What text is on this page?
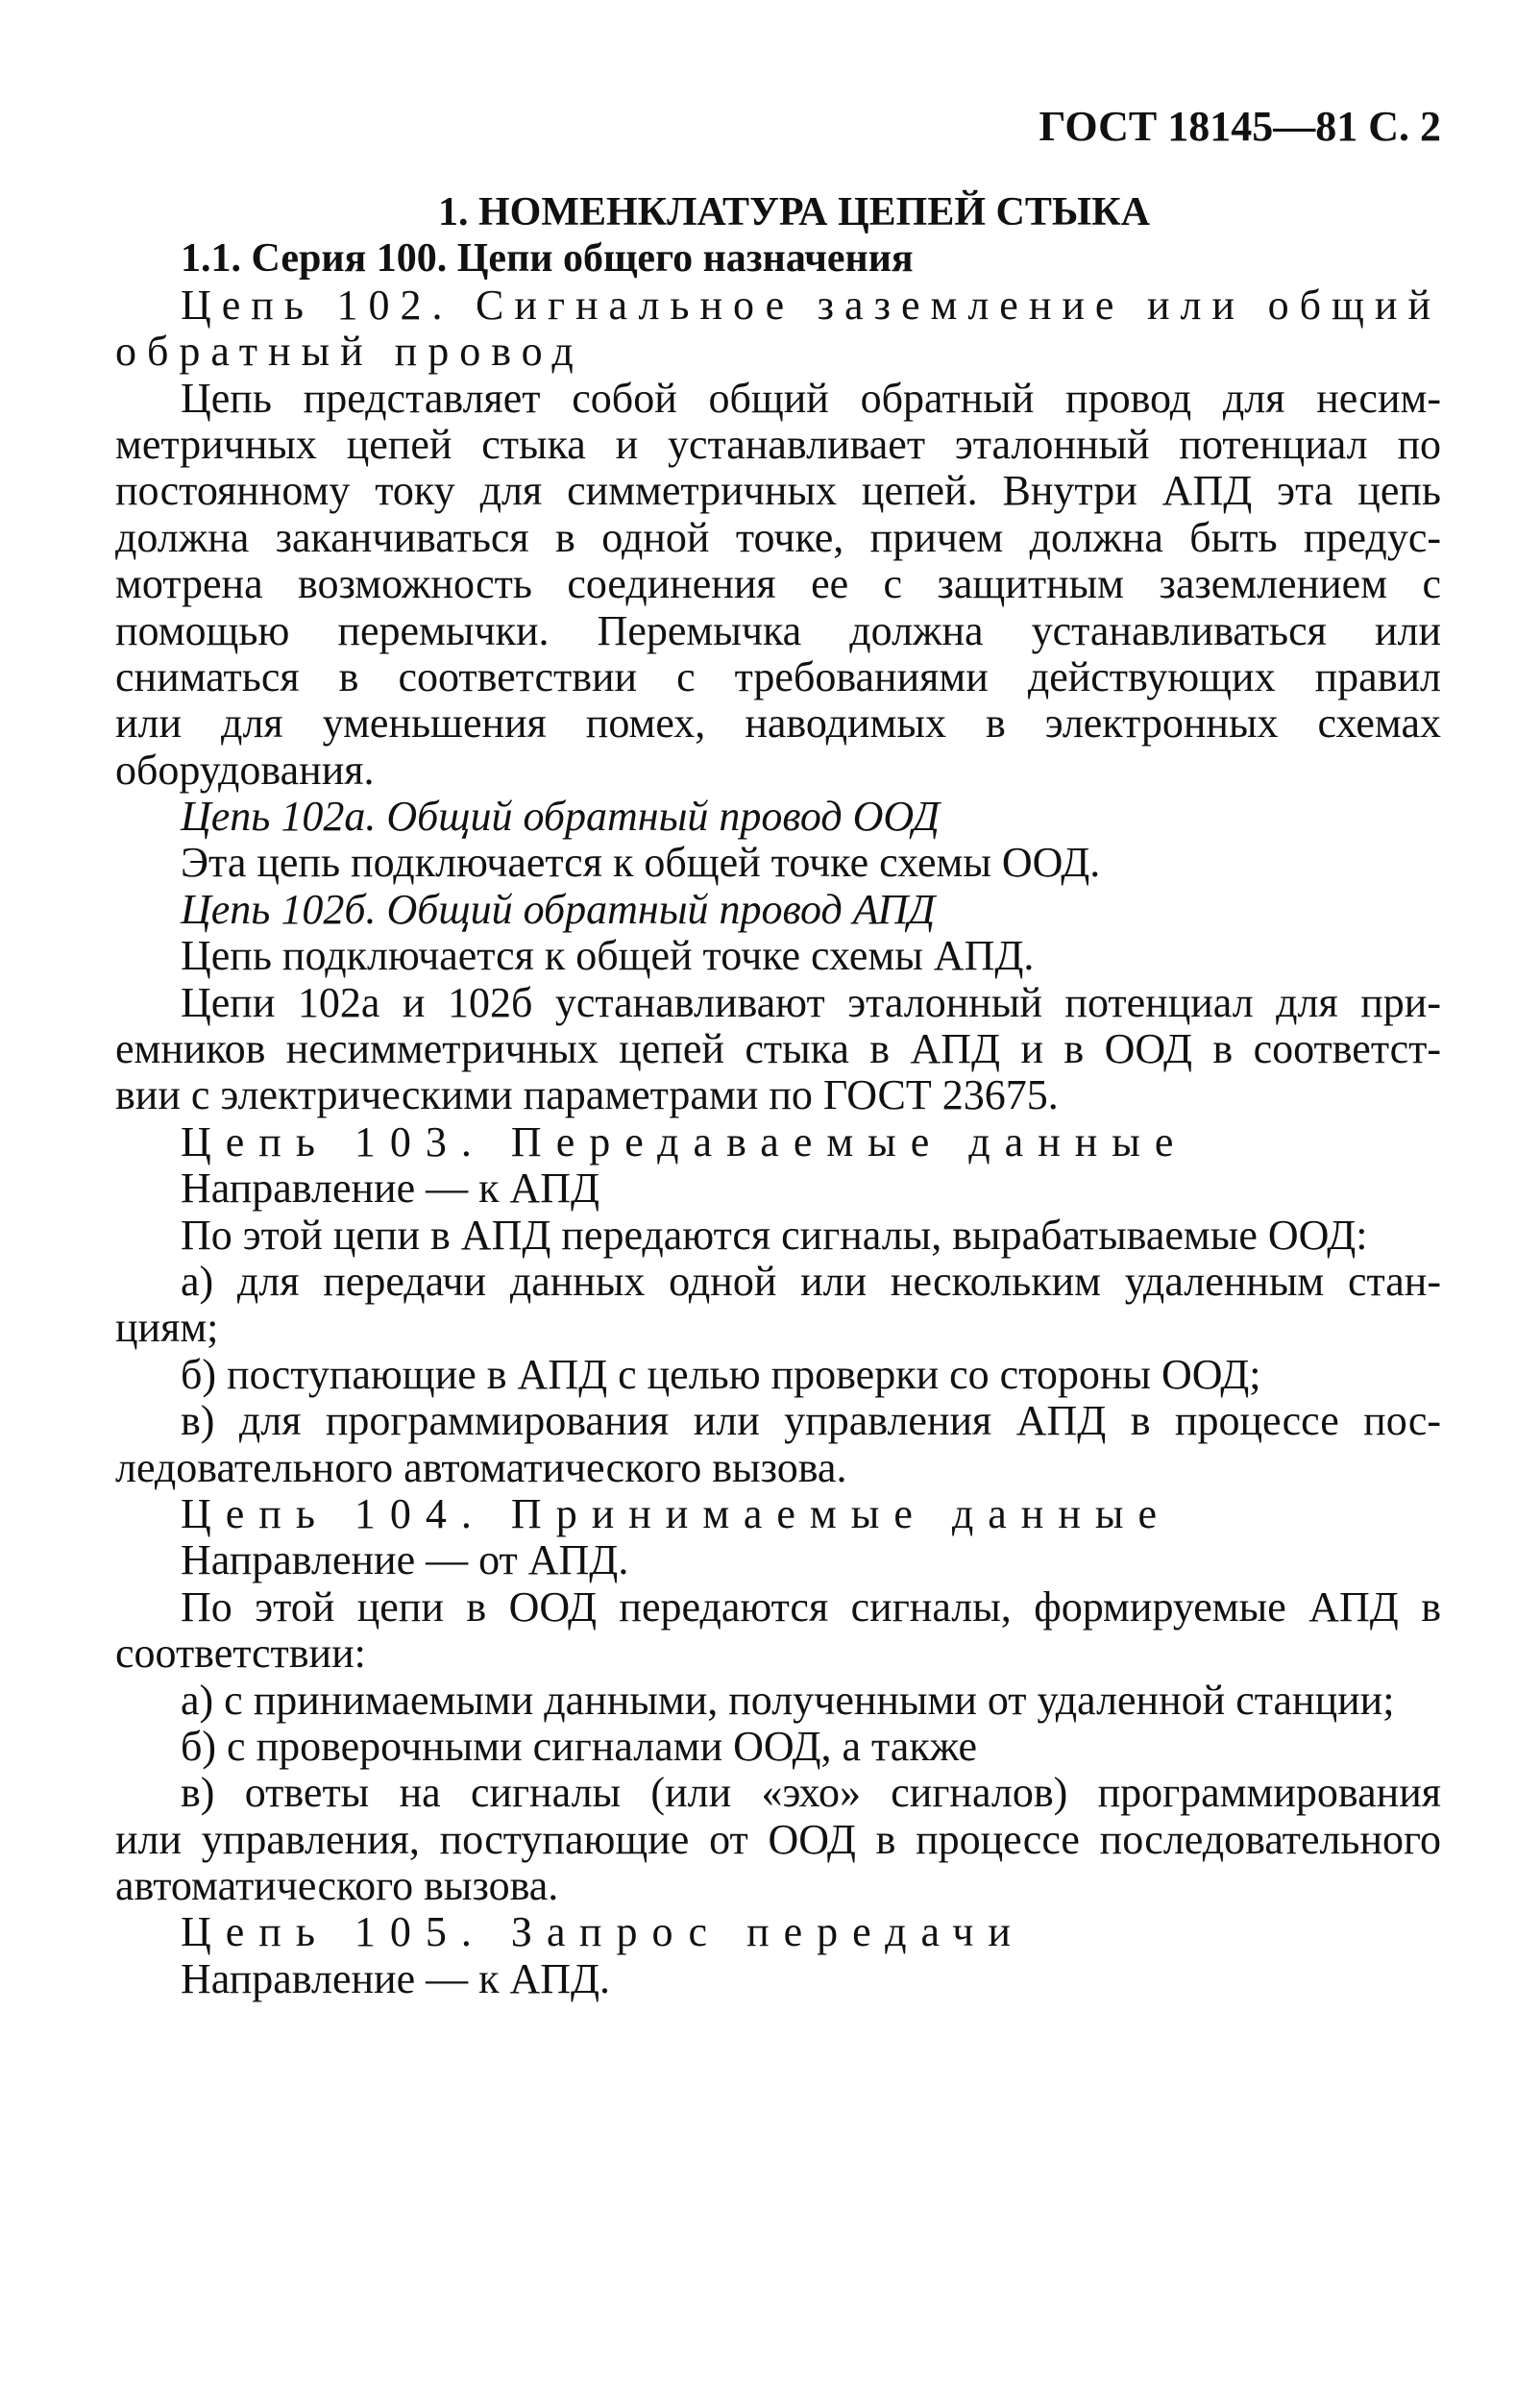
ГОСТ 18145—81 С. 2
1. НОМЕНКЛАТУРА ЦЕПЕЙ СТЫКА
1.1. Серия 100. Цепи общего назначения
Цепь 102. Сигнальное заземление или общий
обратный провод
Цепь представляет собой общий обратный провод для несим-
метричных цепей стыка и устанавливает эталонный потенциал по
постоянному току для симметричных цепей. Внутри АПД эта цепь
должна заканчиваться в одной точке, причем должна быть предус-
мотрена возможность соединения ее с защитным заземлением с
помощью перемычки. Перемычка должна устанавливаться или
сниматься в соответствии с требованиями действующих правил
или для уменьшения помех, наводимых в электронных схемах
оборудования.
Цепь 102а. Общий обратный провод ООД
Эта цепь подключается к общей точке схемы ООД.
Цепь 102б. Общий обратный провод АПД
Цепь подключается к общей точке схемы АПД.
Цепи 102а и 102б устанавливают эталонный потенциал для при-
емников несимметричных цепей стыка в АПД и в ООД в соответст-
вии с электрическими параметрами по ГОСТ 23675.
Цепь 103. Передаваемые данные
Направление — к АПД
По этой цепи в АПД передаются сигналы, вырабатываемые ООД:
а) для передачи данных одной или нескольким удаленным стан-
циям;
б) поступающие в АПД с целью проверки со стороны ООД;
в) для программирования или управления АПД в процессе пос-
ледовательного автоматического вызова.
Цепь 104. Принимаемые данные
Направление — от АПД.
По этой цепи в ООД передаются сигналы, формируемые АПД в
соответствии:
а) с принимаемыми данными, полученными от удаленной станции;
б) с проверочными сигналами ООД, а также
в) ответы на сигналы (или «эхо» сигналов) программирования
или управления, поступающие от ООД в процессе последовательного
автоматического вызова.
Цепь 105. Запрос передачи
Направление — к АПД.
